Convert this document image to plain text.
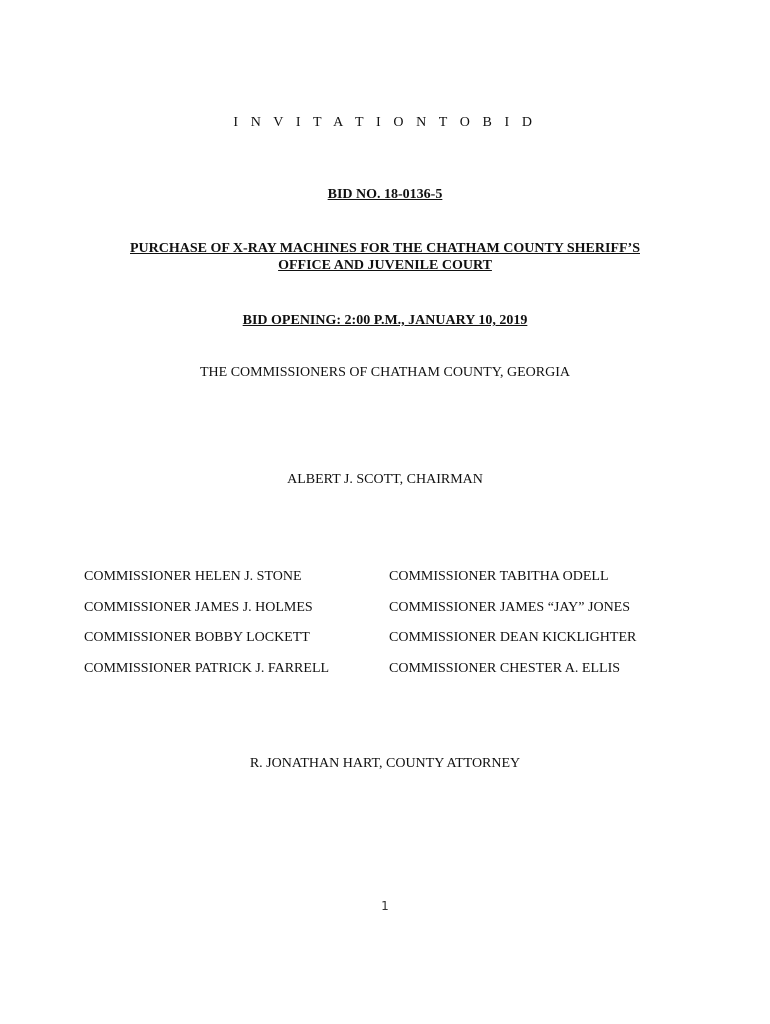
I N V I T A T I O N T O B I D
BID NO. 18-0136-5
PURCHASE OF X-RAY MACHINES FOR THE CHATHAM COUNTY SHERIFF’S
OFFICE AND JUVENILE COURT
BID OPENING: 2:00 P.M., JANUARY 10, 2019
THE COMMISSIONERS OF CHATHAM COUNTY, GEORGIA
ALBERT J. SCOTT, CHAIRMAN
COMMISSIONER HELEN J. STONE	COMMISSIONER TABITHA ODELL
COMMISSIONER JAMES J. HOLMES	COMMISSIONER JAMES “JAY” JONES
COMMISSIONER BOBBY LOCKETT	COMMISSIONER DEAN KICKLIGHTER
COMMISSIONER PATRICK J. FARRELL	COMMISSIONER CHESTER A. ELLIS
R. JONATHAN HART, COUNTY ATTORNEY
1
